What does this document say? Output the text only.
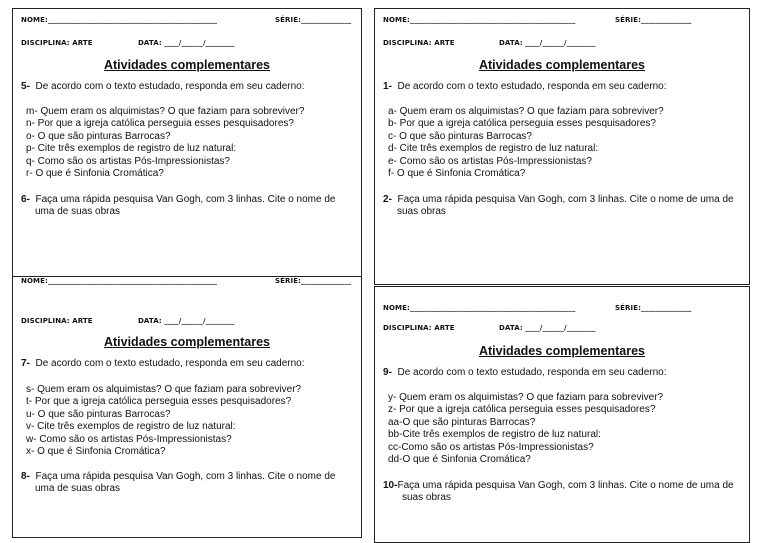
NOME:_______________________________________________	SÉRIE:______________
DISCIPLINA: ARTE	DATA: ____/______/________
Atividades complementares
5- De acordo com o texto estudado, responda em seu caderno:
m- Quem eram os alquimistas? O que faziam para sobreviver?
n- Por que a igreja católica perseguia esses pesquisadores?
o- O que são pinturas Barrocas?
p- Cite três exemplos de registro de luz natural:
q- Como são os artistas Pós-Impressionistas?
r- O que é Sinfonia Cromática?
6- Faça uma rápida pesquisa Van Gogh, com 3 linhas. Cite o nome de uma de suas obras
NOME:______________________________________________	SÉRIE:______________
DISCIPLINA: ARTE	DATA: ____/______/________
Atividades complementares
1- De acordo com o texto estudado, responda em seu caderno:
a- Quem eram os alquimistas? O que faziam para sobreviver?
b- Por que a igreja católica perseguia esses pesquisadores?
c- O que são pinturas Barrocas?
d- Cite três exemplos de registro de luz natural:
e- Como são os artistas Pós-Impressionistas?
f- O que é Sinfonia Cromática?
2- Faça uma rápida pesquisa Van Gogh, com 3 linhas. Cite o nome de uma de suas obras
NOME:_______________________________________________	SÉRIE:______________
DISCIPLINA: ARTE	DATA: ____/______/________
Atividades complementares
7- De acordo com o texto estudado, responda em seu caderno:
s- Quem eram os alquimistas? O que faziam para sobreviver?
t- Por que a igreja católica perseguia esses pesquisadores?
u- O que são pinturas Barrocas?
v- Cite três exemplos de registro de luz natural:
w- Como são os artistas Pós-Impressionistas?
x- O que é Sinfonia Cromática?
8- Faça uma rápida pesquisa Van Gogh, com 3 linhas. Cite o nome de uma de suas obras
NOME:______________________________________________	SÉRIE:______________
DISCIPLINA: ARTE	DATA: ____/______/________
Atividades complementares
9- De acordo com o texto estudado, responda em seu caderno:
y- Quem eram os alquimistas? O que faziam para sobreviver?
z- Por que a igreja católica perseguia esses pesquisadores?
aa-O que são pinturas Barrocas?
bb-Cite três exemplos de registro de luz natural:
cc-Como são os artistas Pós-Impressionistas?
dd-O que é Sinfonia Cromática?
10-Faça uma rápida pesquisa Van Gogh, com 3 linhas. Cite o nome de uma de suas obras
